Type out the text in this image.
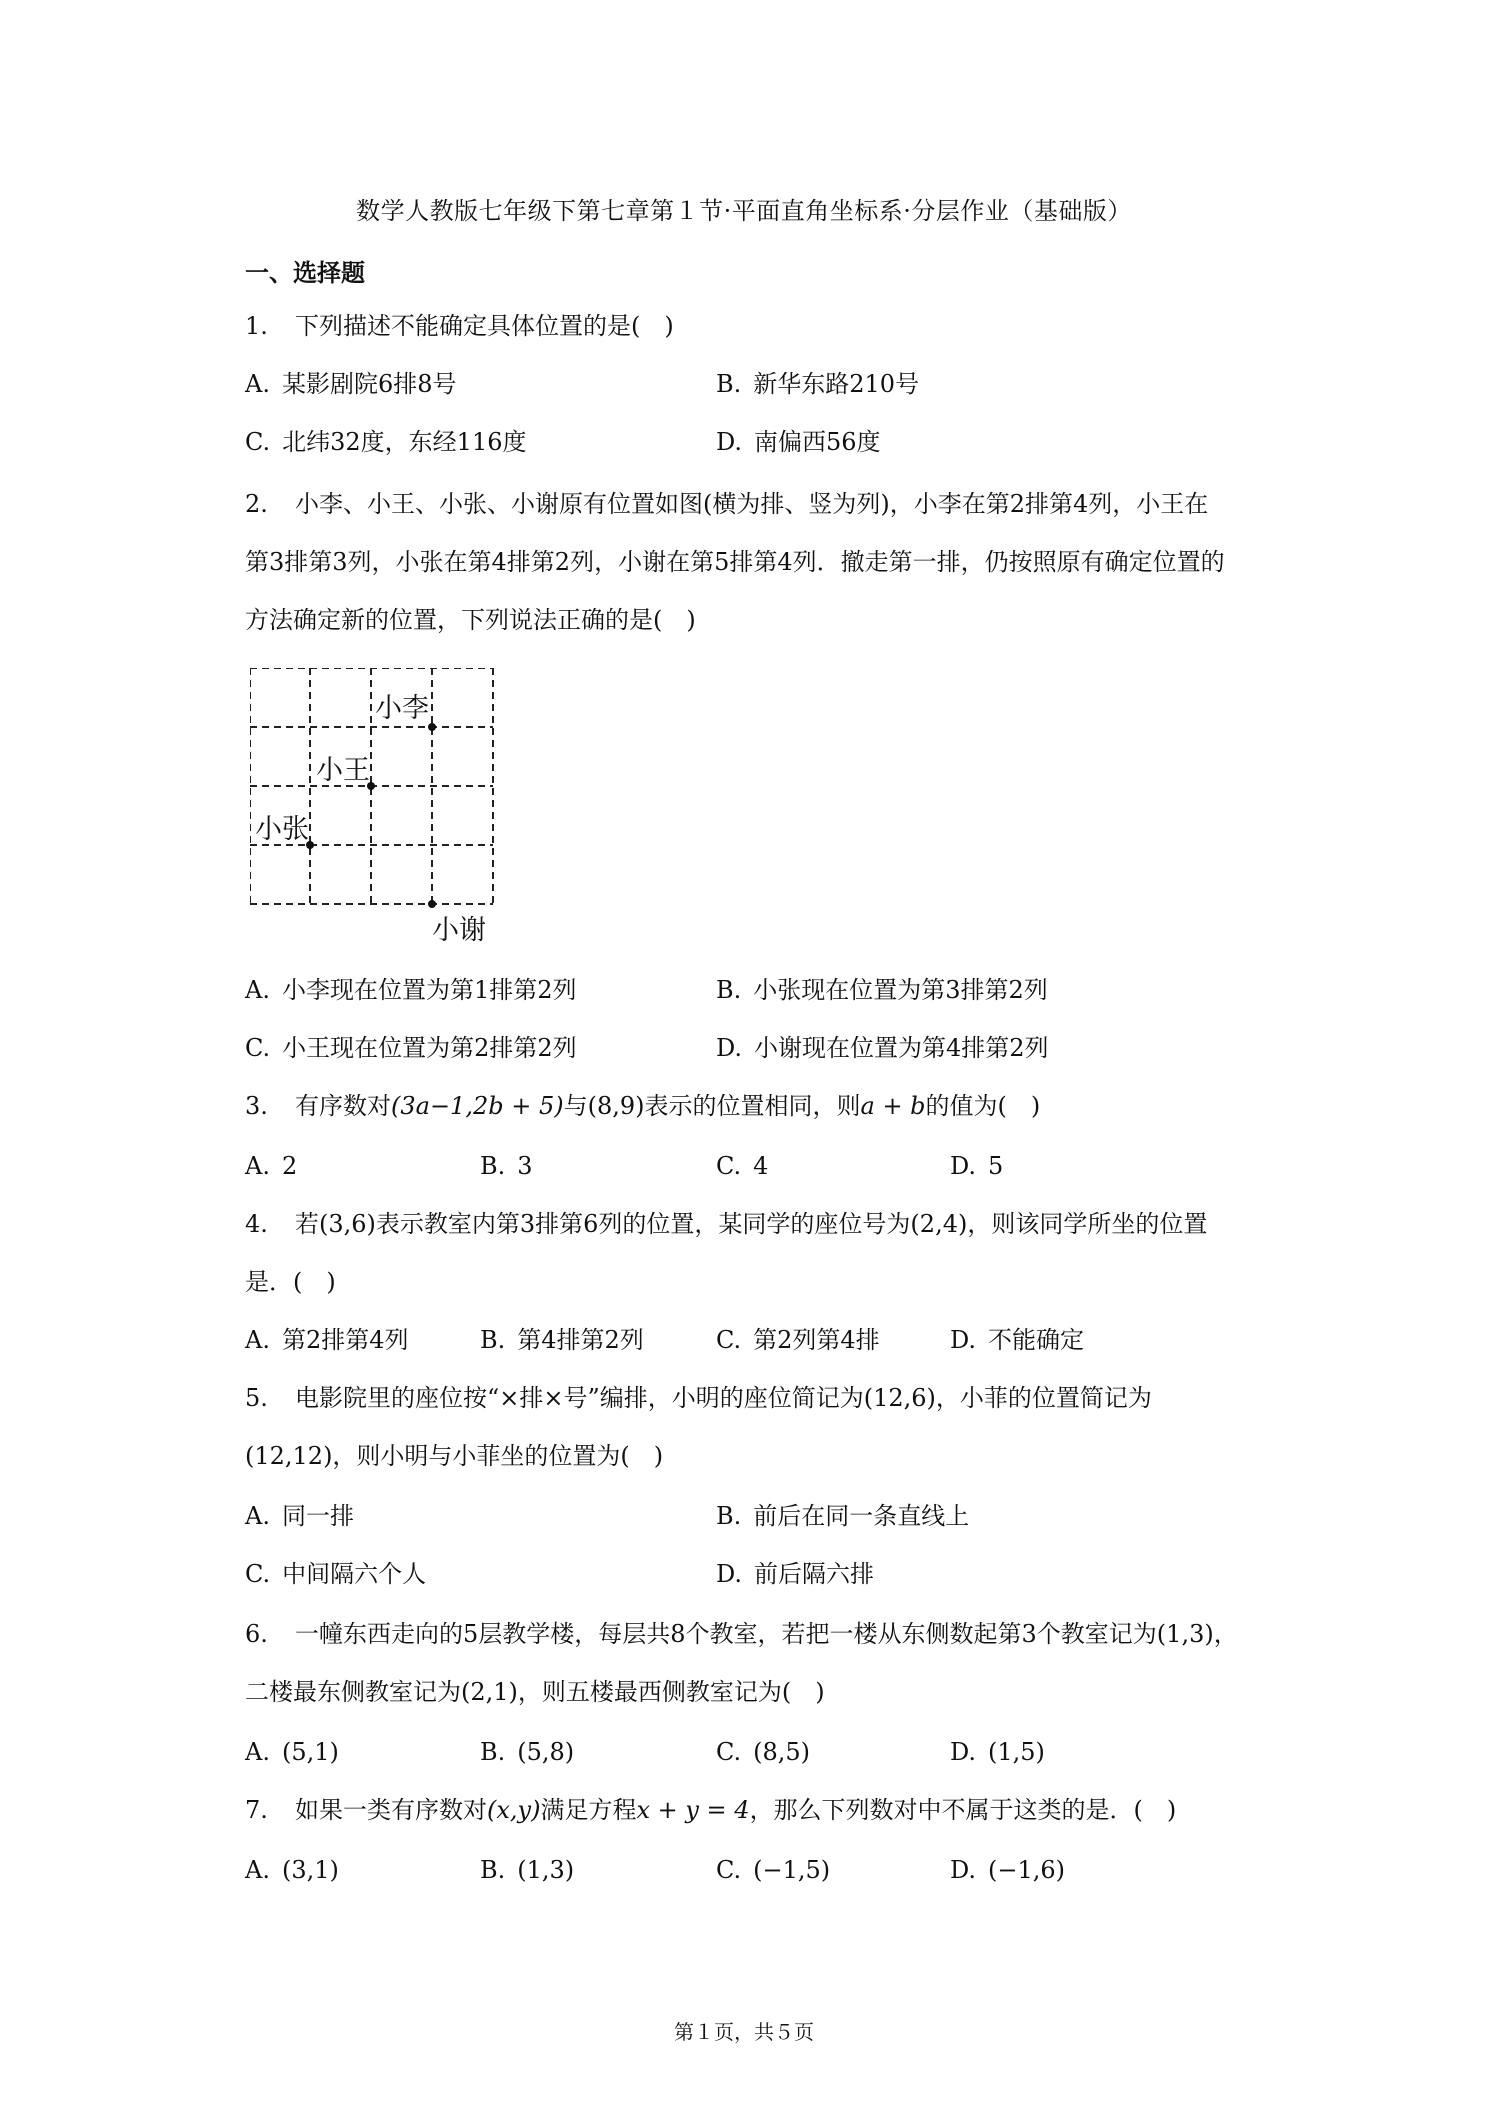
数学人教版七年级下第七章第１节·平面直角坐标系·分层作业（基础版）
一、选择题
1. 下列描述不能确定具体位置的是(　)
A. 某影剧院6排8号	B. 新华东路210号
C. 北纬32度，东经116度	D. 南偏西56度
2. 小李、小王、小张、小谢原有位置如图(横为排、竖为列)，小李在第2排第4列，小王在
第3排第3列，小张在第4排第2列，小谢在第5排第4列．撤走第一排，仍按照原有确定位置的
方法确定新的位置，下列说法正确的是(　)
小李
小王
小张
小谢
A. 小李现在位置为第1排第2列	B. 小张现在位置为第3排第2列
C. 小王现在位置为第2排第2列	D. 小谢现在位置为第4排第2列
3. 有序数对(3a−1,2b + 5)与(8,9)表示的位置相同，则a + b的值为(　)
A. 2	B. 3	C. 4	D. 5
4. 若(3,6)表示教室内第3排第6列的位置，某同学的座位号为(2,4)，则该同学所坐的位置
是．(　)
A. 第2排第4列	B. 第4排第2列	C. 第2列第4排	D. 不能确定
5. 电影院里的座位按“×排×号”编排，小明的座位简记为(12,6)，小菲的位置简记为
(12,12)，则小明与小菲坐的位置为(　)
A. 同一排	B. 前后在同一条直线上
C. 中间隔六个人	D. 前后隔六排
6. 一幢东西走向的5层教学楼，每层共8个教室，若把一楼从东侧数起第3个教室记为(1,3)，
二楼最东侧教室记为(2,1)，则五楼最西侧教室记为(　)
A. (5,1)	B. (5,8)	C. (8,5)	D. (1,5)
7. 如果一类有序数对(x,y)满足方程x + y = 4，那么下列数对中不属于这类的是．(　)
A. (3,1)	B. (1,3)	C. (−1,5)	D. (−1,6)
第１页，共５页
